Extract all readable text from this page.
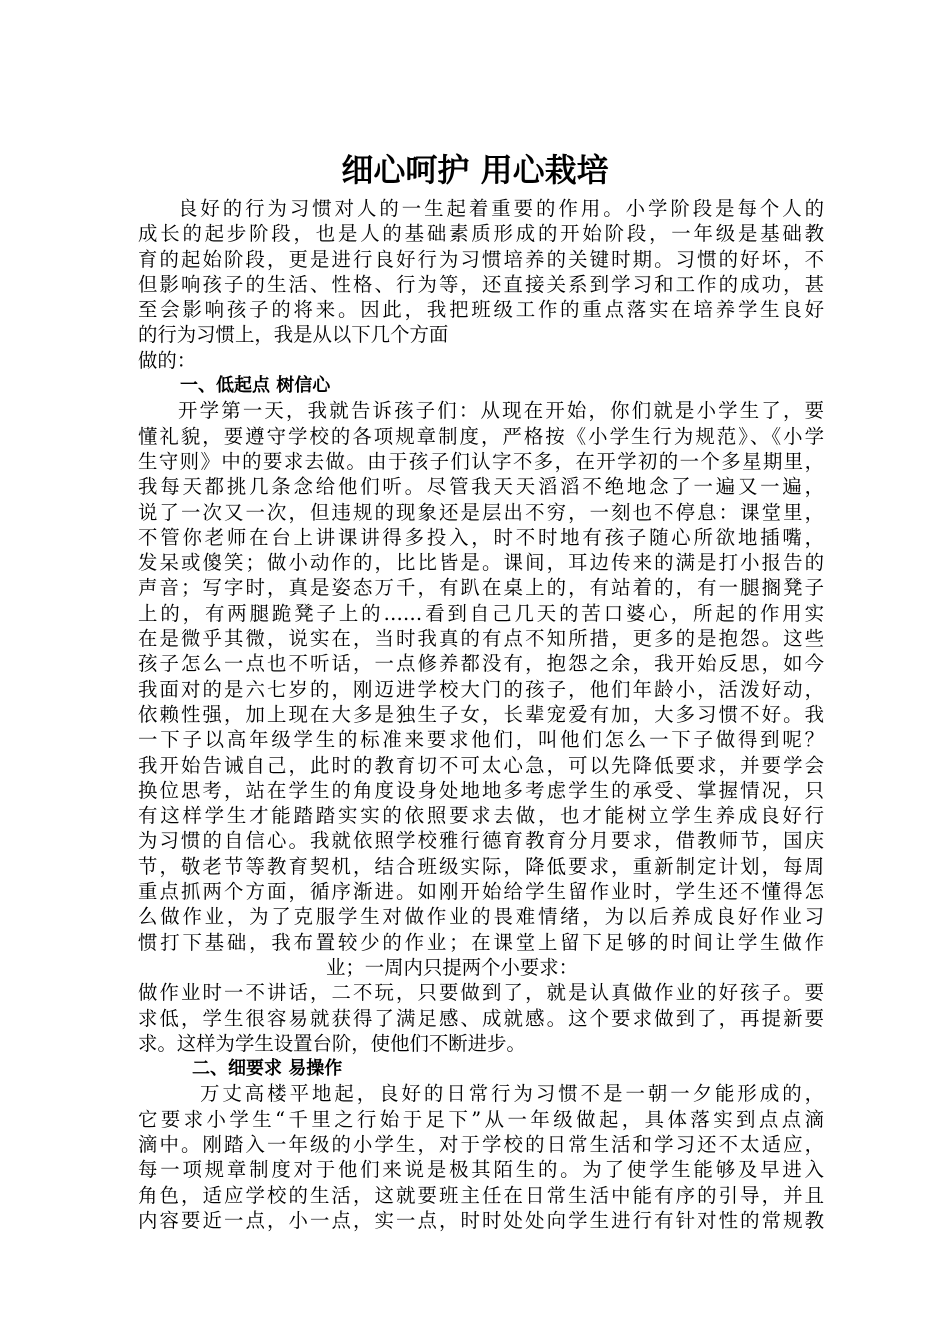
细心呵护 用心栽培
良好的行为习惯对人的一生起着重要的作用。小学阶段是每个人的
成长的起步阶段，也是人的基础素质形成的开始阶段，一年级是基础教
育的起始阶段，更是进行良好行为习惯培养的关键时期。习惯的好坏，不
但影响孩子的生活、性格、行为等，还直接关系到学习和工作的成功，甚
至会影响孩子的将来。因此，我把班级工作的重点落实在培养学生良好
的行为习惯上，我是从以下几个方面
做的：
一、低起点 树信心
开学第一天，我就告诉孩子们：从现在开始，你们就是小学生了，要
懂礼貌，要遵守学校的各项规章制度，严格按《小学生行为规范》、《小学
生守则》中的要求去做。由于孩子们认字不多，在开学初的一个多星期里，
我每天都挑几条念给他们听。尽管我天天滔滔不绝地念了一遍又一遍，
说了一次又一次，但违规的现象还是层出不穷，一刻也不停息：课堂里，
不管你老师在台上讲课讲得多投入，时不时地有孩子随心所欲地插嘴，
发呆或傻笑；做小动作的，比比皆是。课间，耳边传来的满是打小报告的
声音；写字时，真是姿态万千，有趴在桌上的，有站着的，有一腿搁凳子
上的，有两腿跪凳子上的……看到自己几天的苦口婆心，所起的作用实
在是微乎其微，说实在，当时我真的有点不知所措，更多的是抱怨。这些
孩子怎么一点也不听话，一点修养都没有，抱怨之余，我开始反思，如今
我面对的是六七岁的，刚迈进学校大门的孩子，他们年龄小，活泼好动，
依赖性强，加上现在大多是独生子女，长辈宠爱有加，大多习惯不好。我
一下子以高年级学生的标准来要求他们，叫他们怎么一下子做得到呢？
我开始告诫自己，此时的教育切不可太心急，可以先降低要求，并要学会
换位思考，站在学生的角度设身处地地多考虑学生的承受、掌握情况，只
有这样学生才能踏踏实实的依照要求去做，也才能树立学生养成良好行
为习惯的自信心。我就依照学校雅行德育教育分月要求，借教师节，国庆
节，敬老节等教育契机，结合班级实际，降低要求，重新制定计划，每周
重点抓两个方面，循序渐进。如刚开始给学生留作业时，学生还不懂得怎
么做作业，为了克服学生对做作业的畏难情绪，为以后养成良好作业习
惯打下基础，我布置较少的作业；在课堂上留下足够的时间让学生做作
业；一周内只提两个小要求：
做作业时一不讲话，二不玩，只要做到了，就是认真做作业的好孩子。要
求低，学生很容易就获得了满足感、成就感。这个要求做到了，再提新要
求。这样为学生设置台阶，使他们不断进步。
二、细要求 易操作
万丈高楼平地起，良好的日常行为习惯不是一朝一夕能形成的，
它要求小学生“千里之行始于足下”从一年级做起，具体落实到点点滴
滴中。刚踏入一年级的小学生，对于学校的日常生活和学习还不太适应，
每一项规章制度对于他们来说是极其陌生的。为了使学生能够及早进入
角色，适应学校的生活，这就要班主任在日常生活中能有序的引导，并且
内容要近一点，小一点，实一点，时时处处向学生进行有针对性的常规教
